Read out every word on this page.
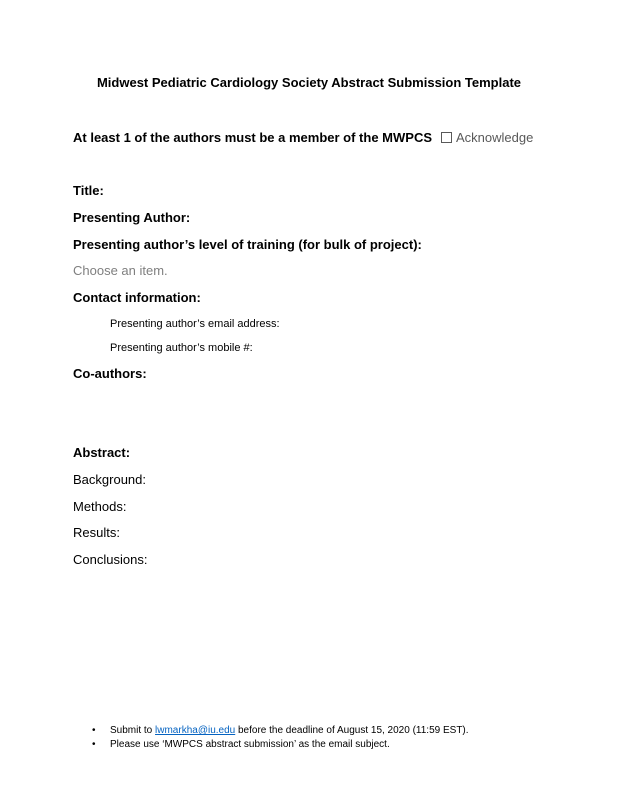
Midwest Pediatric Cardiology Society Abstract Submission Template
At least 1 of the authors must be a member of the MWPCS	Acknowledge
Title:
Presenting Author:
Presenting author’s level of training (for bulk of project):
Choose an item.
Contact information:
Presenting author’s email address:
Presenting author’s mobile #:
Co-authors:
Abstract:
Background:
Methods:
Results:
Conclusions:
• Submit to lwmarkha@iu.edu before the deadline of August 15, 2020 (11:59 EST).
• Please use ‘MWPCS abstract submission’ as the email subject.
